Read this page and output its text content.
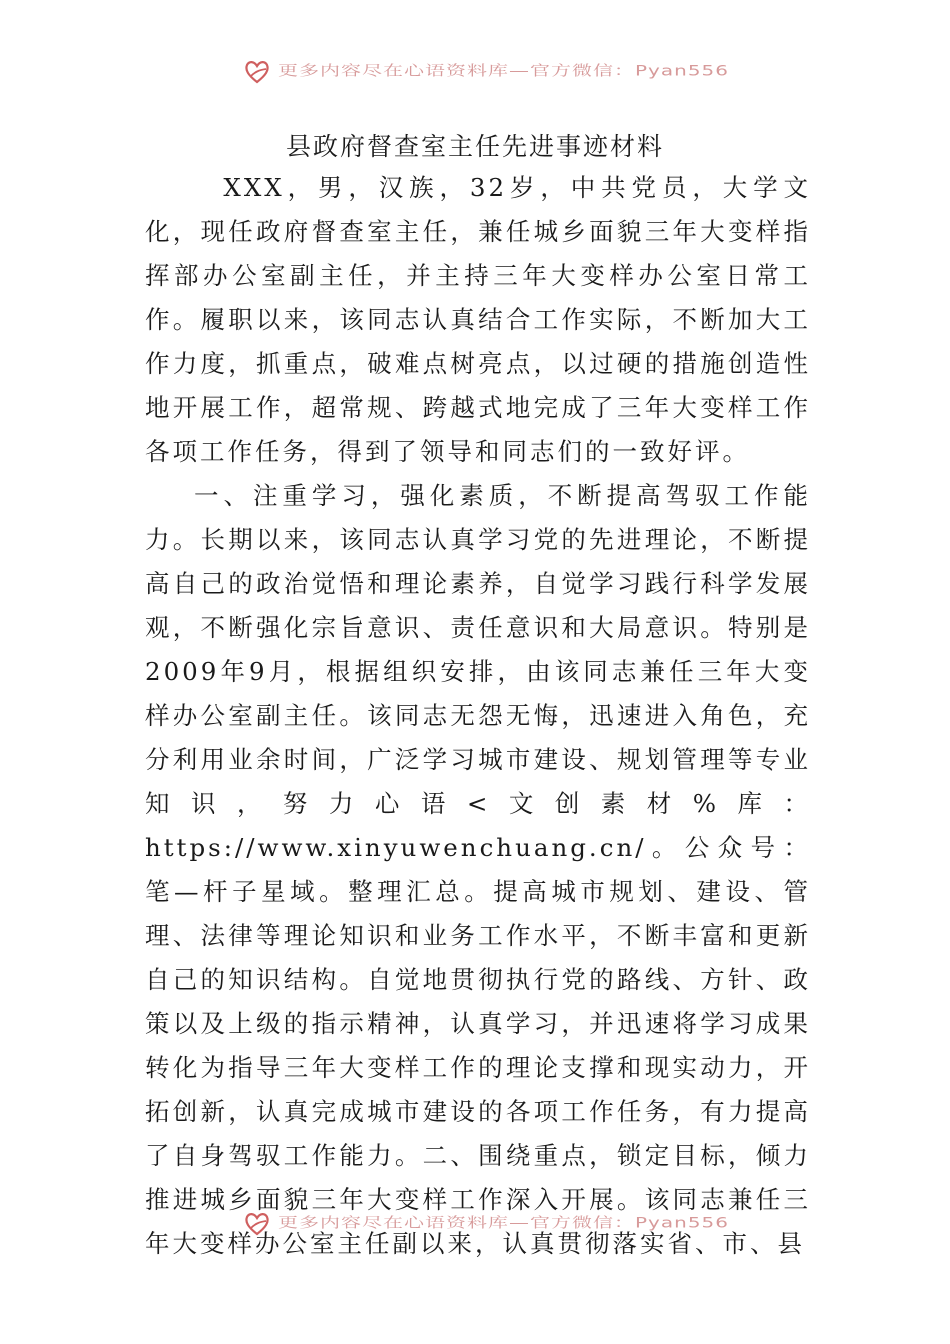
更多内容尽在心语资料库—官方微信：Pyan556
县政府督查室主任先进事迹材料

XXX，男，汉族，32岁，中共党员，大学文化，现任政府督查室主任，兼任城乡面貌三年大变样指挥部办公室副主任，并主持三年大变样办公室日常工作。履职以来，该同志认真结合工作实际，不断加大工作力度，抓重点，破难点树亮点，以过硬的措施创造性地开展工作，超常规、跨越式地完成了三年大变样工作各项工作任务，得到了领导和同志们的一致好评。

一、注重学习，强化素质，不断提高驾驭工作能力。长期以来，该同志认真学习党的先进理论，不断提高自己的政治觉悟和理论素养，自觉学习践行科学发展观，不断强化宗旨意识、责任意识和大局意识。特别是2009年9月，根据组织安排，由该同志兼任三年大变样办公室副主任。该同志无怨无悔，迅速进入角色，充分利用业余时间，广泛学习城市建设、规划管理等专业知识，努力心语<文创素材%库：https://www.xinyuwenchuang.cn/。公众号：笔—杆子星域。整理汇总。提高城市规划、建设、管理、法律等理论知识和业务工作水平，不断丰富和更新自己的知识结构。自觉地贯彻执行党的路线、方针、政策以及上级的指示精神，认真学习，并迅速将学习成果转化为指导三年大变样工作的理论支撑和现实动力，开拓创新，认真完成城市建设的各项工作任务，有力提高了自身驾驭工作能力。二、围绕重点，锁定目标，倾力推进城乡面貌三年大变样工作深入开展。该同志兼任三年大变样办公室主任副以来，认真贯彻落实省、市、县

更多内容尽在心语资料库—官方微信：Pyan556
